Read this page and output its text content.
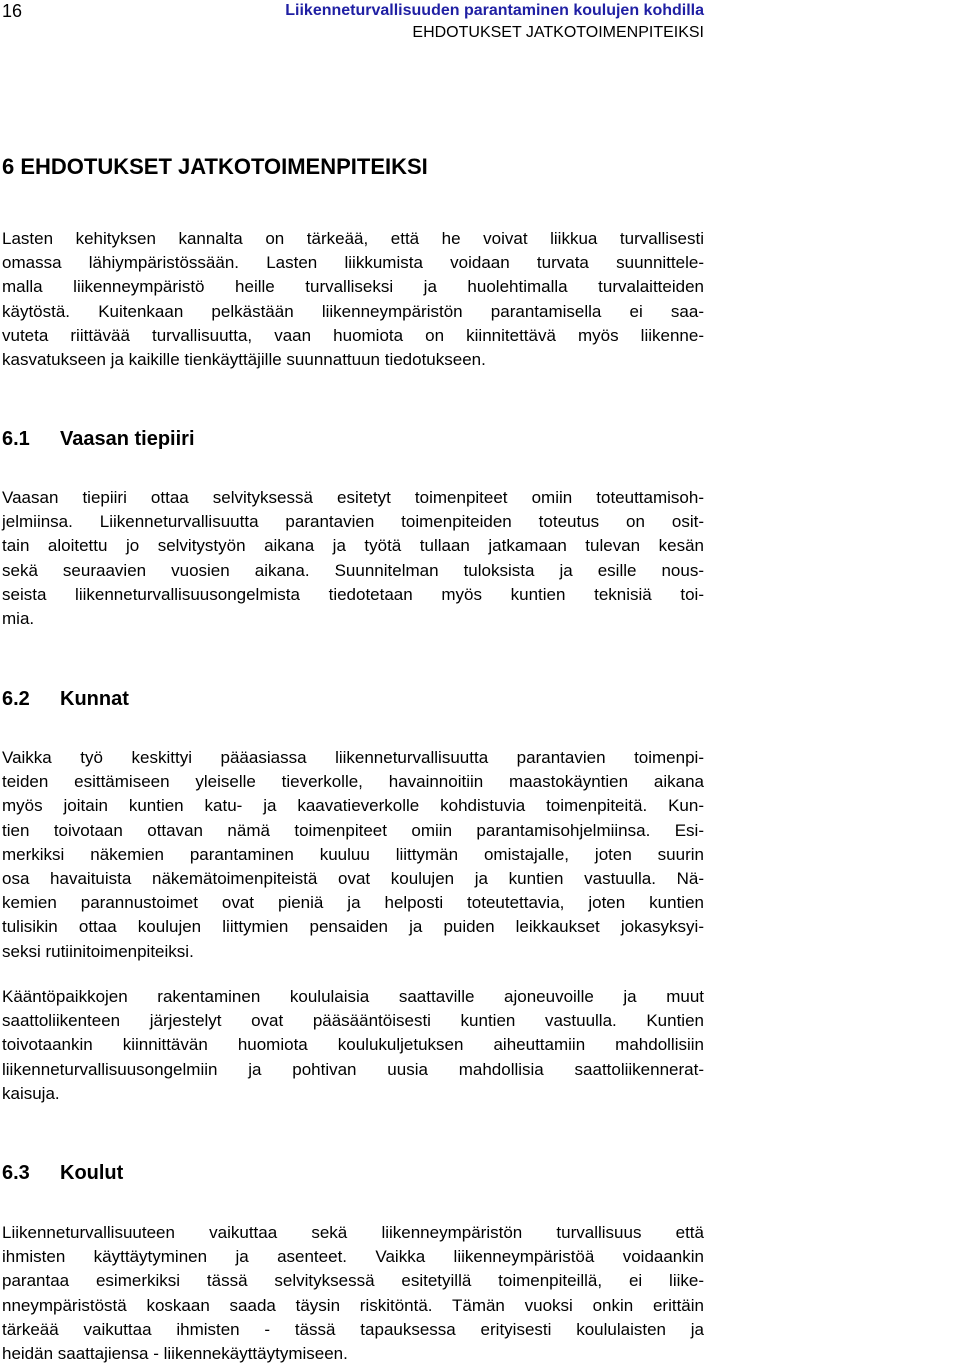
16	Liikenneturvallisuuden parantaminen koulujen kohdilla
EHDOTUKSET JATKOTOIMENPITEIKSI
6 EHDOTUKSET JATKOTOIMENPITEIKSI

Lasten kehityksen kannalta on tärkeää, että he voivat liikkua turvallisesti
omassa lähiympäristössään. Lasten liikkumista voidaan turvata suunnittele-
malla liikenneympäristö heille turvalliseksi ja huolehtimalla turvalaitteiden
käytöstä. Kuitenkaan pelkästään liikenneympäristön parantamisella ei saa-
vuteta riittävää turvallisuutta, vaan huomiota on kiinnitettävä myös liikenne-
kasvatukseen ja kaikille tienkäyttäjille suunnattuun tiedotukseen.

6.1 Vaasan tiepiiri

Vaasan tiepiiri ottaa selvityksessä esitetyt toimenpiteet omiin toteuttamisoh-
jelmiinsa. Liikenneturvallisuutta parantavien toimenpiteiden toteutus on osit-
tain aloitettu jo selvitystyön aikana ja työtä tullaan jatkamaan tulevan kesän
sekä seuraavien vuosien aikana. Suunnitelman tuloksista ja esille nous-
seista liikenneturvallisuusongelmista tiedotetaan myös kuntien teknisiä toi-
mia.

6.2 Kunnat

Vaikka työ keskittyi pääasiassa liikenneturvallisuutta parantavien toimenpi-
teiden esittämiseen yleiselle tieverkolle, havainnoitiin maastokäyntien aikana
myös joitain kuntien katu- ja kaavatieverkolle kohdistuvia toimenpiteitä. Kun-
tien toivotaan ottavan nämä toimenpiteet omiin parantamisohjelmiinsa. Esi-
merkiksi näkemien parantaminen kuuluu liittymän omistajalle, joten suurin
osa havaituista näkemätoimenpiteistä ovat koulujen ja kuntien vastuulla. Nä-
kemien parannustoimet ovat pieniä ja helposti toteutettavia, joten kuntien
tulisikin ottaa koulujen liittymien pensaiden ja puiden leikkaukset jokasyksyi-
seksi rutiinitoimenpiteiksi.

Kääntöpaikkojen rakentaminen koululaisia saattaville ajoneuvoille ja muut
saattoliikenteen järjestelyt ovat pääsääntöisesti kuntien vastuulla. Kuntien
toivotaankin kiinnittävän huomiota koulukuljetuksen aiheuttamiin mahdollisiin
liikenneturvallisuusongelmiin ja pohtivan uusia mahdollisia saattoliikennerat-
kaisuja.

6.3 Koulut

Liikenneturvallisuuteen vaikuttaa sekä liikenneympäristön turvallisuus että
ihmisten käyttäytyminen ja asenteet. Vaikka liikenneympäristöä voidaankin
parantaa esimerkiksi tässä selvityksessä esitetyillä toimenpiteillä, ei liike-
nneympäristöstä koskaan saada täysin riskitöntä. Tämän vuoksi onkin erittäin
tärkeää vaikuttaa ihmisten - tässä tapauksessa erityisesti koululaisten ja
heidän saattajiensa - liikennekäyttäytymiseen.
